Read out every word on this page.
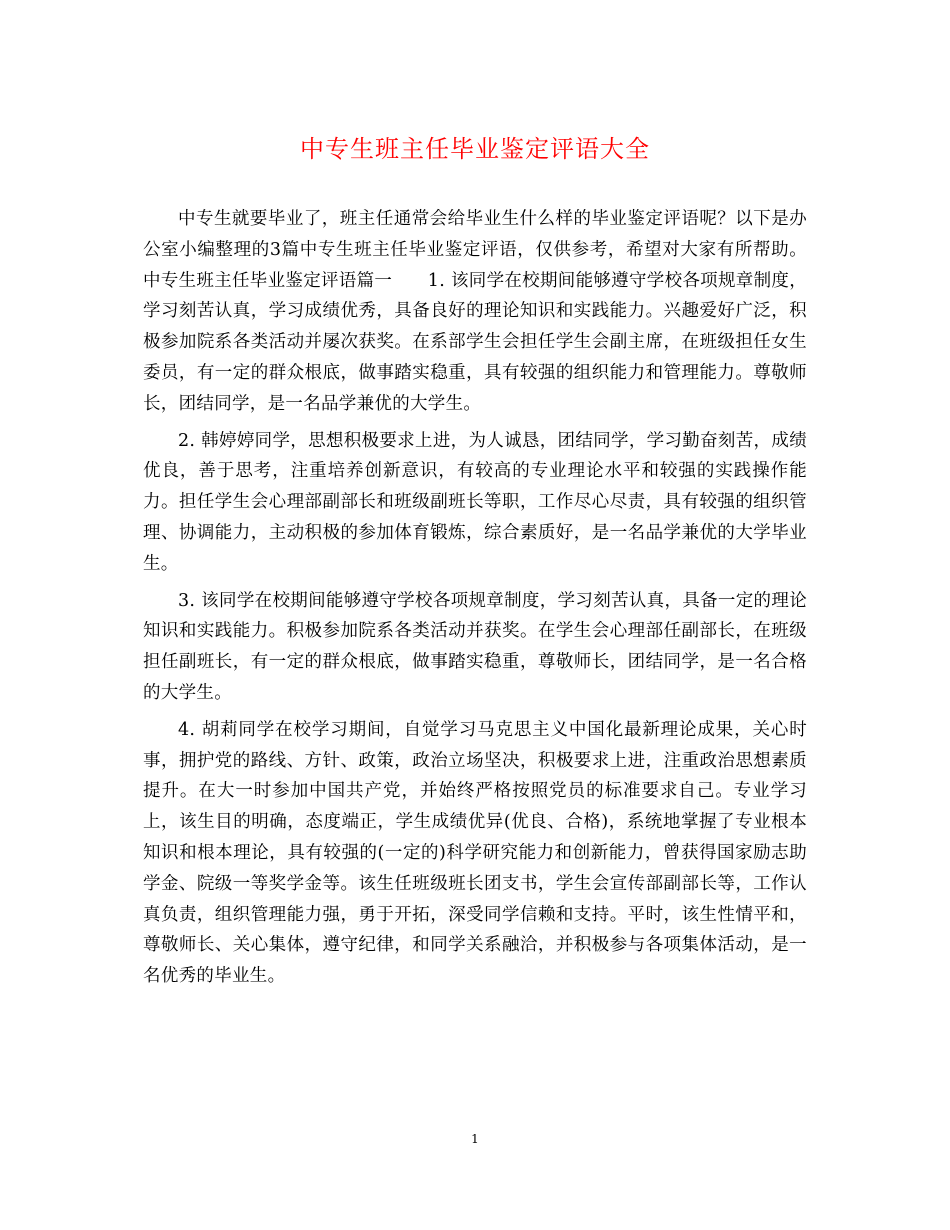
中专生班主任毕业鉴定评语大全

中专生就要毕业了，班主任通常会给毕业生什么样的毕业鉴定评语呢？以下是办公室小编整理的3篇中专生班主任毕业鉴定评语，仅供参考，希望对大家有所帮助。 中专生班主任毕业鉴定评语篇一　　1. 该同学在校期间能够遵守学校各项规章制度，学习刻苦认真，学习成绩优秀，具备良好的理论知识和实践能力。兴趣爱好广泛，积极参加院系各类活动并屡次获奖。在系部学生会担任学生会副主席，在班级担任女生委员，有一定的群众根底，做事踏实稳重，具有较强的组织能力和管理能力。尊敬师长，团结同学，是一名品学兼优的大学生。

2. 韩婷婷同学，思想积极要求上进，为人诚恳，团结同学，学习勤奋刻苦，成绩优良，善于思考，注重培养创新意识，有较高的专业理论水平和较强的实践操作能力。担任学生会心理部副部长和班级副班长等职，工作尽心尽责，具有较强的组织管理、协调能力，主动积极的参加体育锻炼，综合素质好，是一名品学兼优的大学毕业生。

3. 该同学在校期间能够遵守学校各项规章制度，学习刻苦认真，具备一定的理论知识和实践能力。积极参加院系各类活动并获奖。在学生会心理部任副部长，在班级担任副班长，有一定的群众根底，做事踏实稳重，尊敬师长，团结同学，是一名合格的大学生。

4. 胡莉同学在校学习期间，自觉学习马克思主义中国化最新理论成果，关心时事，拥护党的路线、方针、政策，政治立场坚决，积极要求上进，注重政治思想素质提升。在大一时参加中国共产党，并始终严格按照党员的标准要求自己。专业学习上，该生目的明确，态度端正，学生成绩优异(优良、合格)，系统地掌握了专业根本知识和根本理论，具有较强的(一定的)科学研究能力和创新能力，曾获得国家励志助学金、院级一等奖学金等。该生任班级班长团支书，学生会宣传部副部长等，工作认真负责，组织管理能力强，勇于开拓，深受同学信赖和支持。平时，该生性情平和，尊敬师长、关心集体，遵守纪律，和同学关系融洽，并积极参与各项集体活动，是一名优秀的毕业生。

1
